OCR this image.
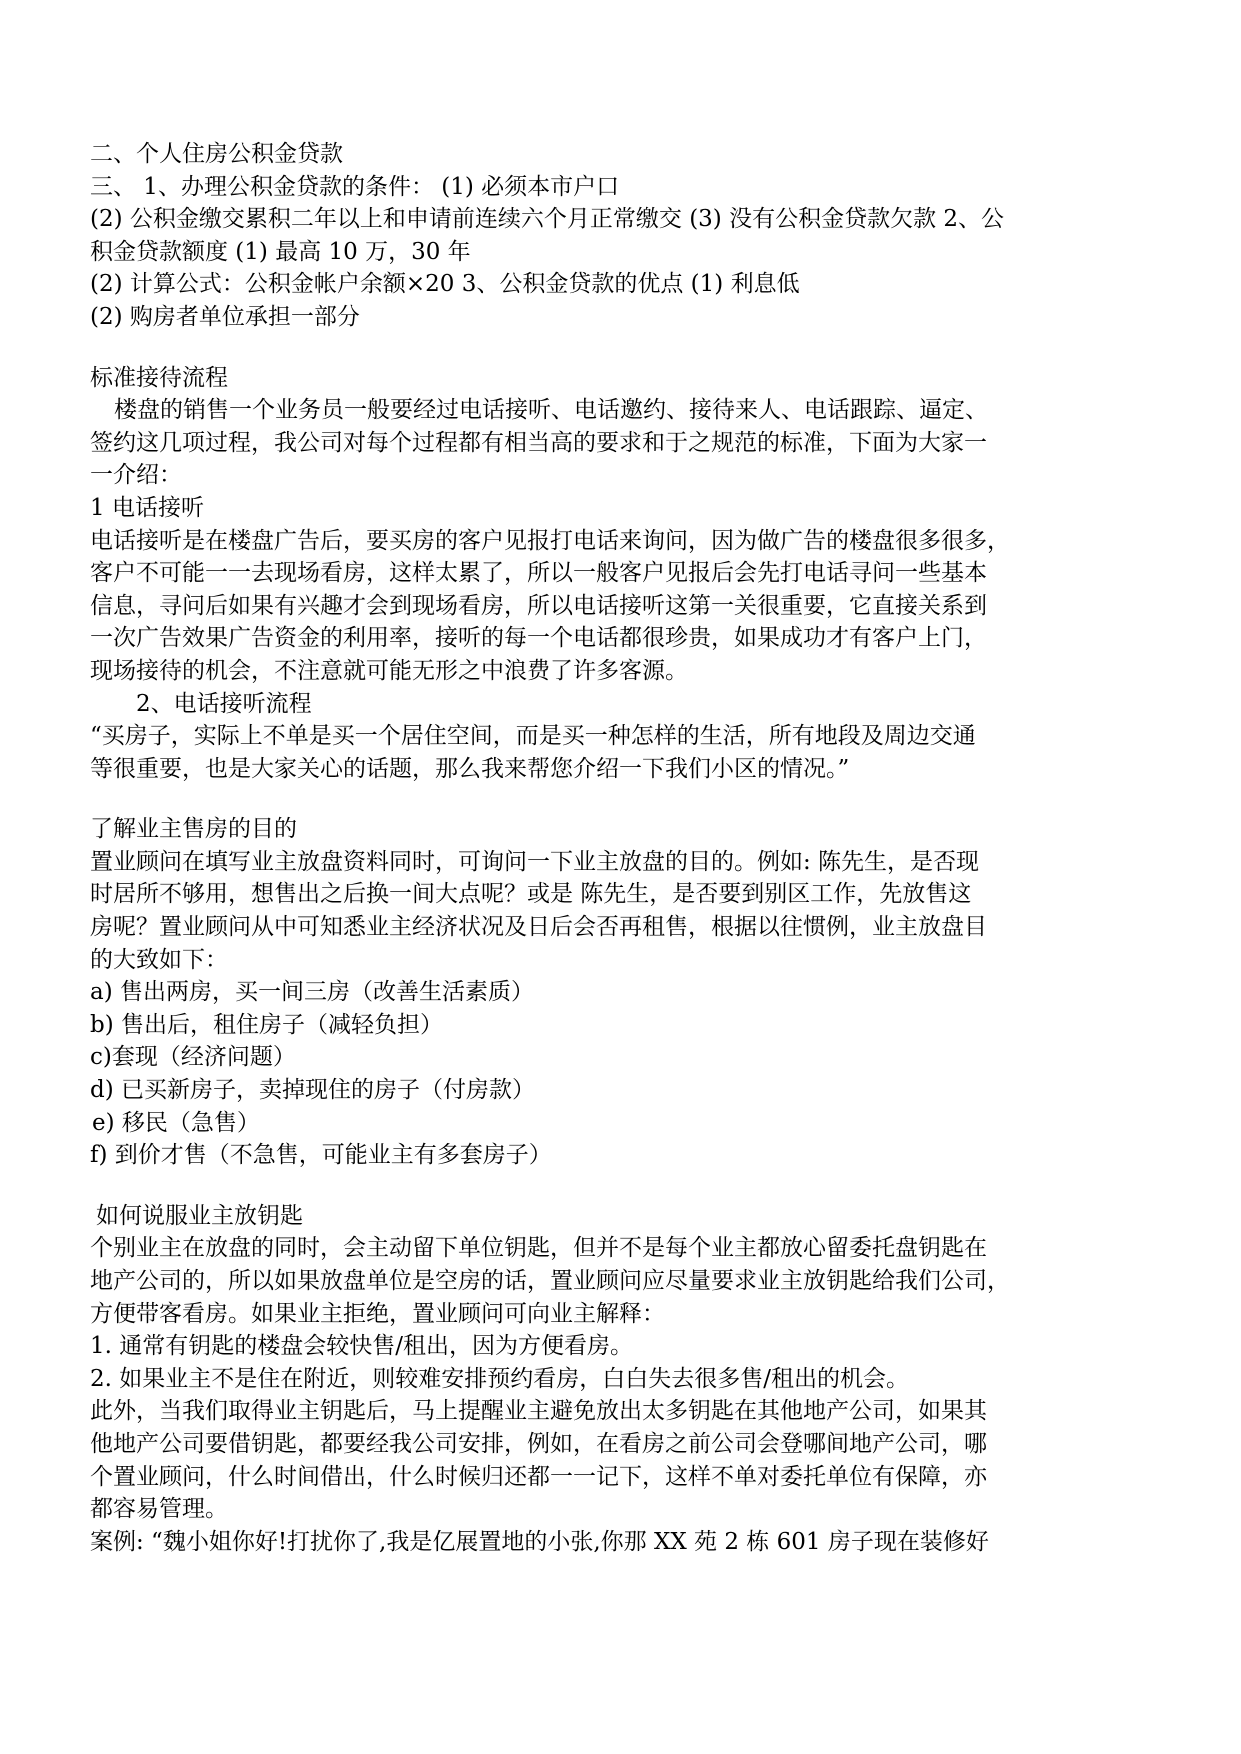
二、个人住房公积金贷款

三、 1、办理公积金贷款的条件： (1) 必须本市户口

(2) 公积金缴交累积二年以上和申请前连续六个月正常缴交 (3) 没有公积金贷款欠款 2、公

积金贷款额度 (1) 最高 10 万，30 年

(2) 计算公式：公积金帐户余额×20 3、公积金贷款的优点 (1) 利息低

(2) 购房者单位承担一部分

标准接待流程

楼盘的销售一个业务员一般要经过电话接听、电话邀约、接待来人、电话跟踪、逼定、

签约这几项过程，我公司对每个过程都有相当高的要求和于之规范的标准，下面为大家一

一介绍：

1 电话接听

电话接听是在楼盘广告后，要买房的客户见报打电话来询问，因为做广告的楼盘很多很多，

客户不可能一一去现场看房，这样太累了，所以一般客户见报后会先打电话寻问一些基本

信息，寻问后如果有兴趣才会到现场看房，所以电话接听这第一关很重要，它直接关系到

一次广告效果广告资金的利用率，接听的每一个电话都很珍贵，如果成功才有客户上门，

现场接待的机会，不注意就可能无形之中浪费了许多客源。

2、电话接听流程

“买房子，实际上不单是买一个居住空间，而是买一种怎样的生活，所有地段及周边交通

等很重要，也是大家关心的话题，那么我来帮您介绍一下我们小区的情况。”

了解业主售房的目的

置业顾问在填写业主放盘资料同时，可询问一下业主放盘的目的。例如: 陈先生，是否现

时居所不够用，想售出之后换一间大点呢？或是 陈先生，是否要到别区工作，先放售这

房呢？置业顾问从中可知悉业主经济状况及日后会否再租售，根据以往惯例，业主放盘目

的大致如下：

a) 售出两房，买一间三房（改善生活素质）

b) 售出后，租住房子（减轻负担）

c)套现（经济问题）

d) 已买新房子，卖掉现住的房子（付房款）

e) 移民（急售）

f) 到价才售（不急售，可能业主有多套房子）

如何说服业主放钥匙

个别业主在放盘的同时，会主动留下单位钥匙，但并不是每个业主都放心留委托盘钥匙在

地产公司的，所以如果放盘单位是空房的话，置业顾问应尽量要求业主放钥匙给我们公司，

方便带客看房。如果业主拒绝，置业顾问可向业主解释：

1. 通常有钥匙的楼盘会较快售/租出，因为方便看房。

2. 如果业主不是住在附近，则较难安排预约看房，白白失去很多售/租出的机会。

此外，当我们取得业主钥匙后，马上提醒业主避免放出太多钥匙在其他地产公司，如果其

他地产公司要借钥匙，都要经我公司安排，例如，在看房之前公司会登哪间地产公司，哪

个置业顾问，什么时间借出，什么时候归还都一一记下，这样不单对委托单位有保障，亦

都容易管理。

案例: “魏小姐你好!打扰你了,我是亿展置地的小张,你那 XX 苑 2 栋 601 房子现在装修好
